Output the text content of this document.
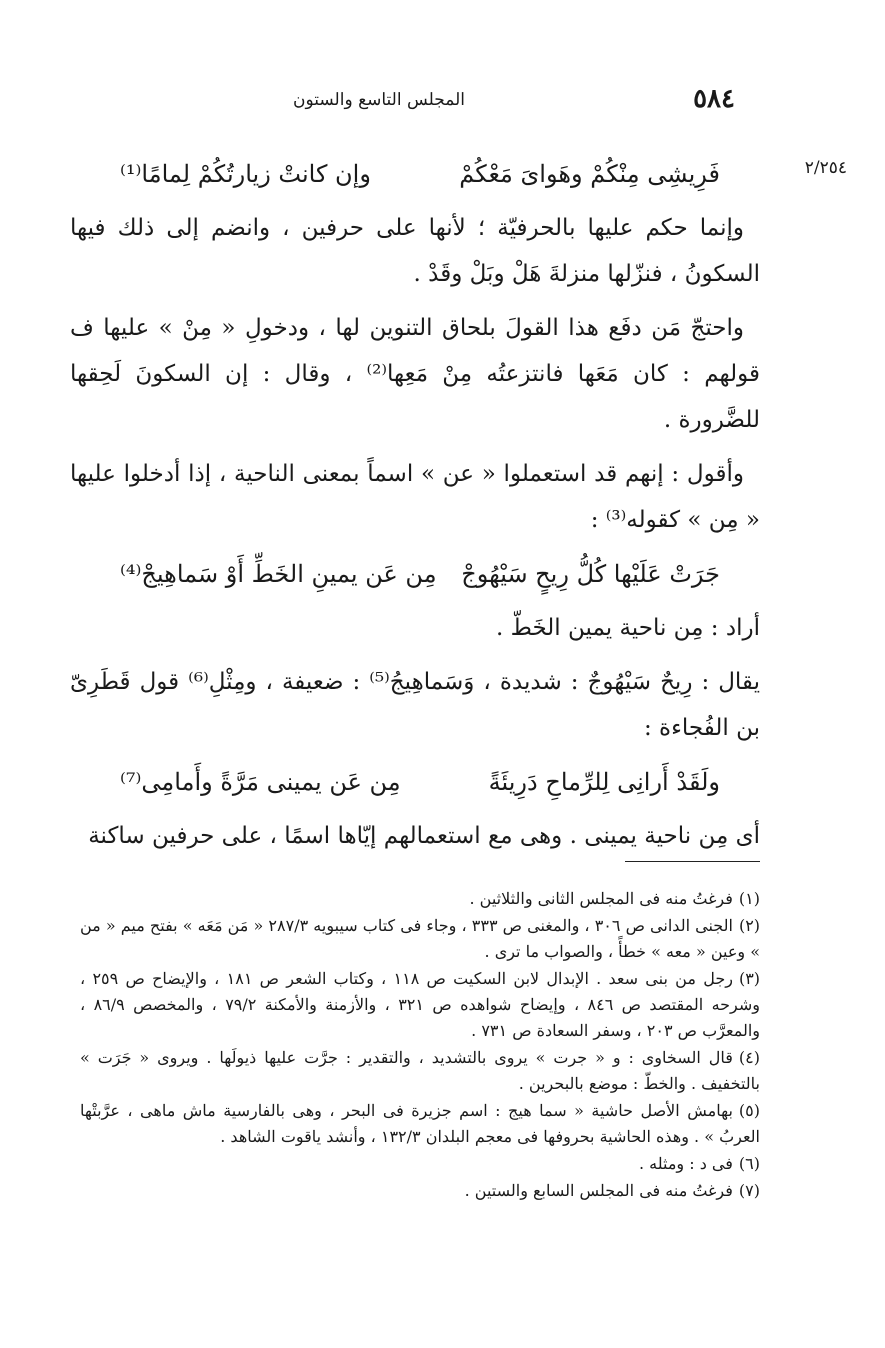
٥٨٤
المجلس التاسع والستون
٢/٢٥٤
فَرِيشِى مِنْكُمْ وهَوایَ مَعْكُمْ
وإن كانتْ زيارتُكُمْ لِمامًا⁽¹⁾

وإنما حكم عليها بالحرفيّة ؛ لأنها على حرفين ، وانضم إلى ذلك فيها السكونُ ، فنزّلها منزلةَ هَلْ وبَلْ وقَدْ .

واحتجّ مَن دفَع هذا القولَ بلحاق التنوين لها ، ودخولِ « مِنْ » عليها ف قولهم : كان مَعَها فانتزعتُه مِنْ مَعِها⁽²⁾ ، وقال : إن السكونَ لَحِقها للضَّرورة .

وأقول : إنهم قد استعملوا « عن » اسماً بمعنى الناحية ، إذا أدخلوا عليها « مِن » كقوله⁽³⁾ :

جَرَتْ عَلَيْها كُلُّ رِيحٍ سَيْهُوجْ
مِن عَن يمينِ الخَطِّ أَوْ سَماهِيجْ⁽⁴⁾

أراد : مِن ناحية يمين الخَطّ .

يقال : رِيحٌ سَيْهُوجٌ : شديدة ، وَسَماهِيجُ⁽⁵⁾ : ضعيفة ، ومِثْلِ⁽⁶⁾ قول قَطَرِىّ بن الفُجاءة :

ولَقَدْ أَرانِى لِلرِّماحِ دَرِيئَةً
مِن عَن يمينى مَرَّةً وأَمامِى⁽⁷⁾

أى مِن ناحية يمينى . وهى مع استعمالهم إيّاها اسمًا ، على حرفين ساكنة

(١)فرغتُ منه فى المجلس الثانى والثلاثين .

(٢)الجنى الدانى ص ٣٠٦ ، والمغنى ص ٣٣٣ ، وجاء فى كتاب سيبويه ٢٨٧/٣ « مَن مَعَه » بفتح ميم « من » وعين « معه » خطأً ، والصواب ما ترى .

(٣)رجل من بنى سعد . الإبدال لابن السكيت ص ١١٨ ، وكتاب الشعر ص ١٨١ ، والإيضاح ص ٢٥٩ ، وشرحه المقتصد ص ٨٤٦ ، وإيضاح شواهده ص ٣٢١ ، والأزمنة والأمكنة ٧٩/٢ ، والمخصص ٨٦/٩ ، والمعرَّب ص ٢٠٣ ، وسفر السعادة ص ٧٣١ .

(٤)قال السخاوى : و « جرت » يروى بالتشديد ، والتقدير : جرَّت عليها ذيولَها . ويروى « جَرَت » بالتخفيف . والخطّ : موضع بالبحرين .

(٥)بهامش الأصل حاشية « سما هيج : اسم جزيرة فى البحر ، وهى بالفارسية ماش ماهى ، عرَّبتْها العربُ » . وهذه الحاشية بحروفها فى معجم البلدان ١٣٢/٣ ، وأنشد ياقوت الشاهد .

(٦)فى د : ومثله .

(٧)فرغتُ منه فى المجلس السابع والستين .
